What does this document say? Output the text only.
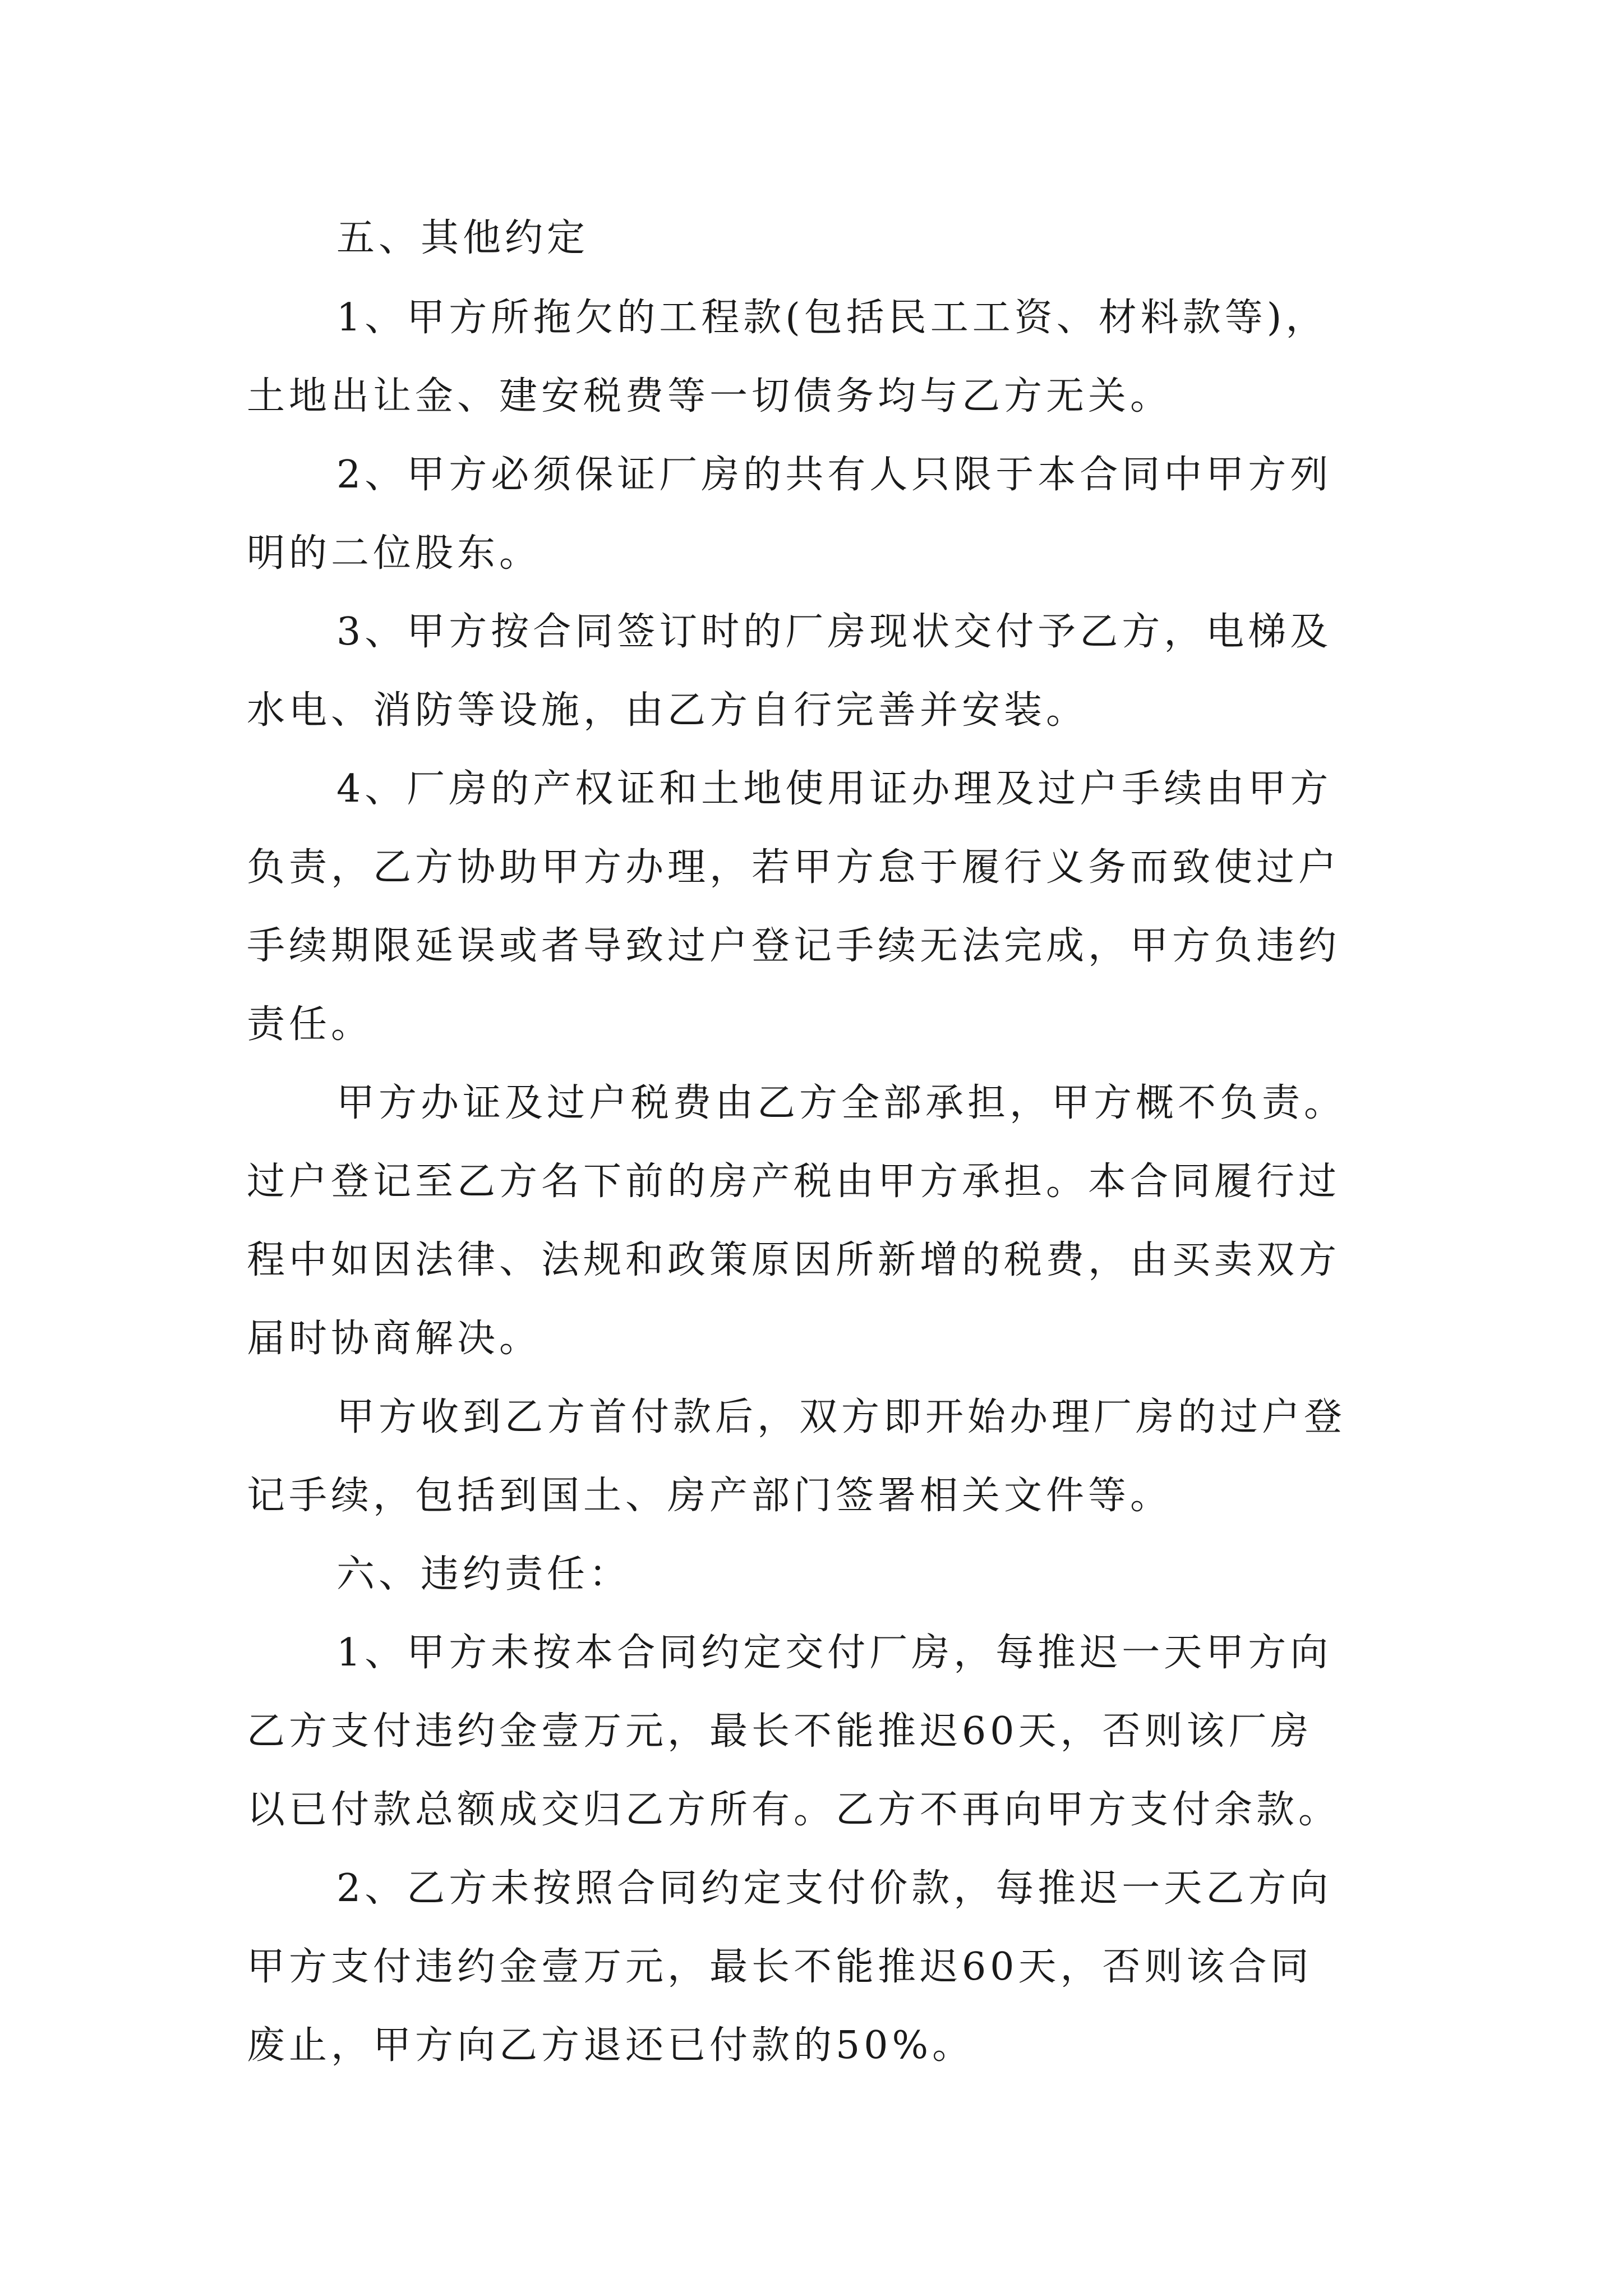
五、其他约定
1、甲方所拖欠的工程款(包括民工工资、材料款等)，
土地出让金、建安税费等一切债务均与乙方无关。
2、甲方必须保证厂房的共有人只限于本合同中甲方列
明的二位股东。
3、甲方按合同签订时的厂房现状交付予乙方，电梯及
水电、消防等设施，由乙方自行完善并安装。
4、厂房的产权证和土地使用证办理及过户手续由甲方
负责，乙方协助甲方办理，若甲方怠于履行义务而致使过户
手续期限延误或者导致过户登记手续无法完成，甲方负违约
责任。
甲方办证及过户税费由乙方全部承担，甲方概不负责。
过户登记至乙方名下前的房产税由甲方承担。本合同履行过
程中如因法律、法规和政策原因所新增的税费，由买卖双方
届时协商解决。
甲方收到乙方首付款后，双方即开始办理厂房的过户登
记手续，包括到国土、房产部门签署相关文件等。
六、违约责任：
1、甲方未按本合同约定交付厂房，每推迟一天甲方向
乙方支付违约金壹万元，最长不能推迟60天，否则该厂房
以已付款总额成交归乙方所有。乙方不再向甲方支付余款。
2、乙方未按照合同约定支付价款，每推迟一天乙方向
甲方支付违约金壹万元，最长不能推迟60天，否则该合同
废止，甲方向乙方退还已付款的50%。
